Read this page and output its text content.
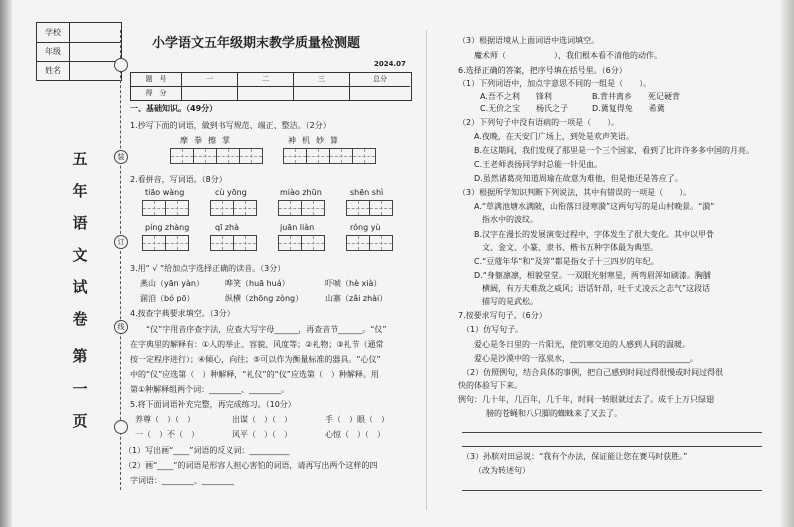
学校
年级
姓名
五
年
语
文
试
卷
第
一
页
装
订
线
小学语文五年级期末教学质量检测题
2024.07
题　号	一	二	三	总分
得　分
一、基础知识。（49分）
1.抄写下面的词语，做到书写规范、端正、整洁。（2分）
摩拳擦掌	神机妙算
2.看拼音，写词语。（8分）
tiāo wàng	cù yōng	miào zhūn	shēn shì
píng zhàng	qī zhà	juān liàn	róng yù
3.用“ √ ”给加点字选择正确的读音。（3分）
燕山（yān yàn）	哗笑（huā huá）	吓唬（hè xià）
湔洎（bó pō）	纵横（zhōng zòng）	山寨（zǎi zhài）
4.按查字典要求填空。（3分）
“仪”字用音序查字法，应查大写字母______，再查音节______。“仪”
在字典里的解释有：①人的举止、容貌、风度等；②礼物；③礼节（通常
按一定程序进行）；④倾心，向往；⑤可以作为衡量标准的器具。“心仪”
中的“仪”应选第（　）种解释，“礼仪”的“仪”应选第（　）种解释。用
第①种解释组两个词：________、________。
5.将下面词语补充完整，再完成练习。（10分）
养尊（　）（　）	出谋（　）（　）	手（　）眼（　）
一（　）不（　）	风平（　）（　）	心惊（　）（　）
（1）写出画“____”词语的反义词：__________
（2）画“____”的词语是形容人担心害怕的词语，请再写出两个这样的四
字词语：________、________
（3）根据语境从上面词语中选词填空。
魔术师（　　　　　　），我们根本看不清他的动作。
6.选择正确的答案，把序号填在括号里。（6分）
（1）下列词语中，加点字意思不同的一组是（　　）。
A.吾不之利　　锋利	B.背井离乡　　死记硬背
C.无价之宝　　杨氏之子	D.冀复得兔　　希冀
（2）下列句子中没有语病的一项是（　　）。
A.夜晚，在天安门广场上，到处是欢声笑语。
B.在这期间，我们发现了那里是一个三个国家，看到了比许许多多中国的月亮。
C.王老师表扬同学时总能一针见血。
D.虽然诸葛亮知道周瑜在故意为难他，但是他还是答应了。
（3）根据所学知识判断下列说法，其中有错误的一项是（　　）。
A.“草满池塘水满陂，山衔落日浸寒漪”这两句写的是山村晚景。“漪”
　指水中的波纹。
B.汉字在漫长的发展演变过程中，字体发生了很大变化。其中以甲骨
　文、金文、小篆、隶书、楷书五种字体最为典型。
C.“豆蔻年华”和“及笄”都是指女子十三四岁的年纪。
D.“身躯凛凛，相貌堂堂。一双眼光射寒星，两弯眉浑如刷漆。胸脯
　横阔，有万夫难敌之威风；语话轩昂，吐千丈凌云之志气”这段话
　描写的是武松。
7.按要求写句子。（6分）
（1）仿写句子。
爱心是冬日里的一片阳光，使饥寒交迫的人感到人间的温暖。
爱心是沙漠中的一泓泉水，______________________________。
（2）仿照例句，结合具体的事例，把自己感到时间过得很慢或时间过得很
快的体验写下来。
例句：几十年，几百年，几千年，时间一转眼就过去了。成千上万只绿翅
膀的苍蝇和八只脚的蜘蛛来了又去了。
（3）孙膑对田忌说：“我有个办法，保证能让您在赛马时获胜。”
（改为转述句）
